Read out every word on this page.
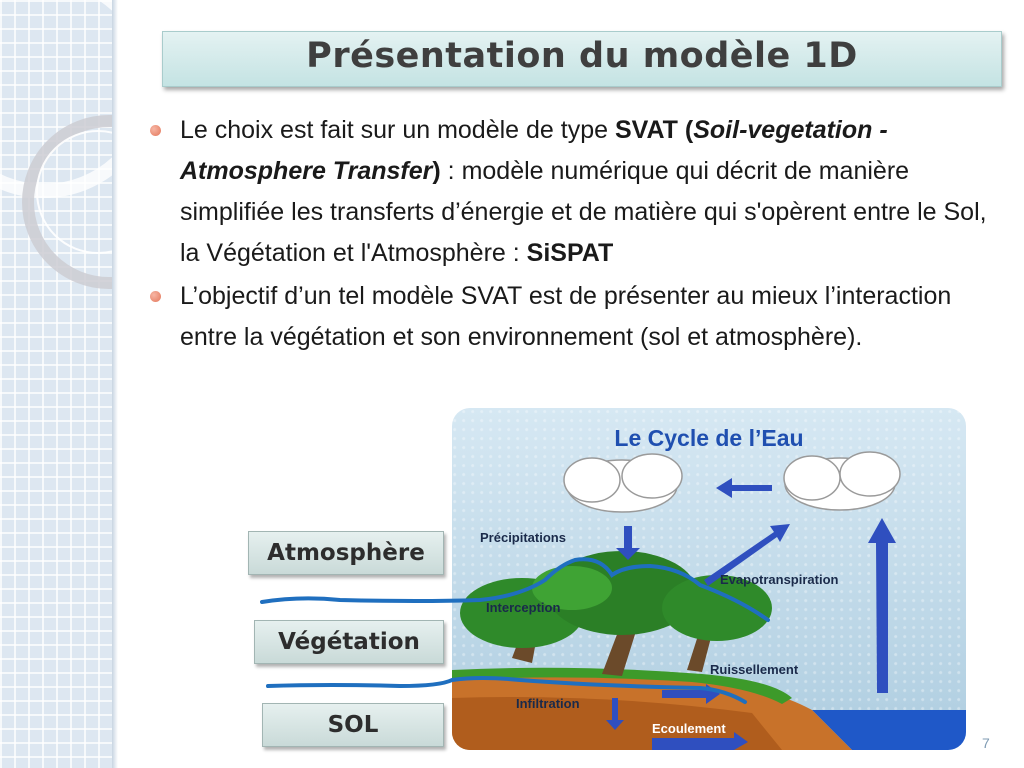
Présentation du modèle 1D
Le choix est fait sur un modèle de type SVAT (Soil-vegetation - Atmosphere Transfer) : modèle numérique qui décrit de manière simplifiée les transferts d’énergie et de matière qui s'opèrent entre le Sol, la Végétation et l'Atmosphère : SiSPAT
L’objectif d’un tel modèle SVAT est de présenter au mieux l’interaction entre la végétation et son environnement (sol et atmosphère).
Le Cycle de l’Eau
Précipitations
Evapotranspiration
Interception
Ruissellement
Infiltration
Ecoulement
Atmosphère
Végétation
SOL
7
